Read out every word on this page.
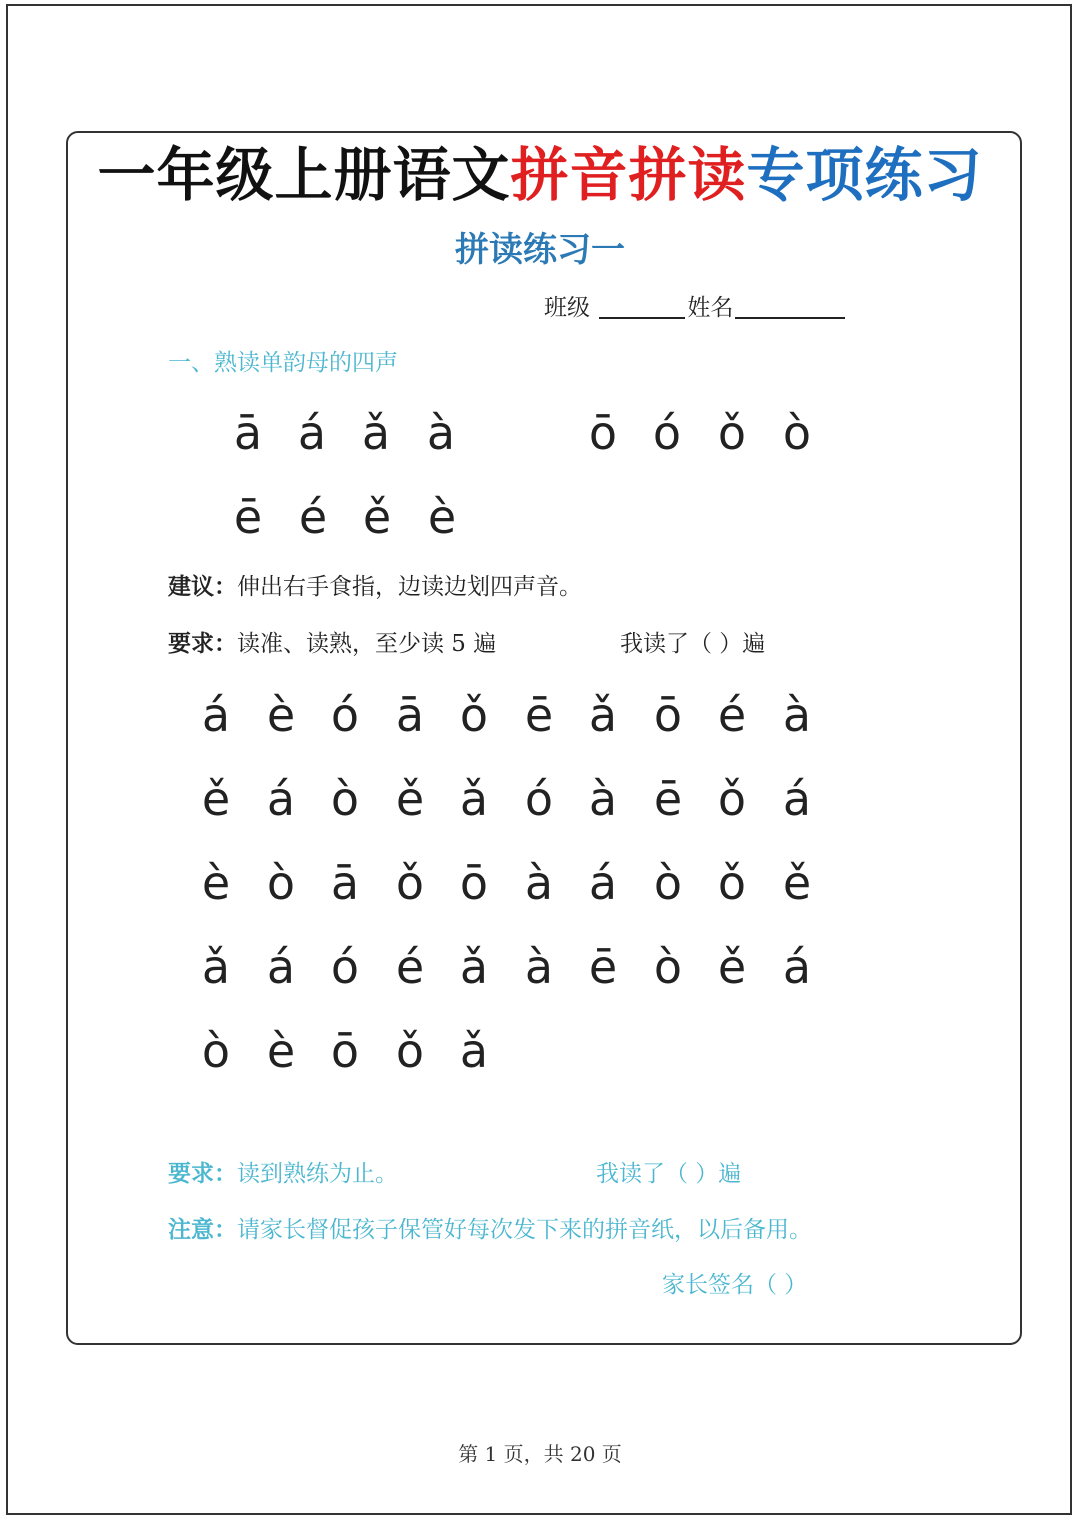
一年级上册语文拼音拼读专项练习
拼读练习一
班级	姓名
一、熟读单韵母的四声
ā á ǎ à	ō ó ǒ ò
ē é ě è
建议：伸出右手食指，边读边划四声音。
要求：读准、读熟，至少读 5 遍	我读了（ ）遍
á è ó ā ǒ ē ǎ ō é à
ě á ò ě ǎ ó à ē ǒ á
è ò ā ǒ ō à á ò ǒ ě
ǎ á ó é ǎ à ē ò ě á
ò è ō ǒ ǎ
要求：读到熟练为止。	我读了（ ）遍
注意：请家长督促孩子保管好每次发下来的拼音纸，以后备用。
家长签名（ ）
第 1 页，共 20 页
